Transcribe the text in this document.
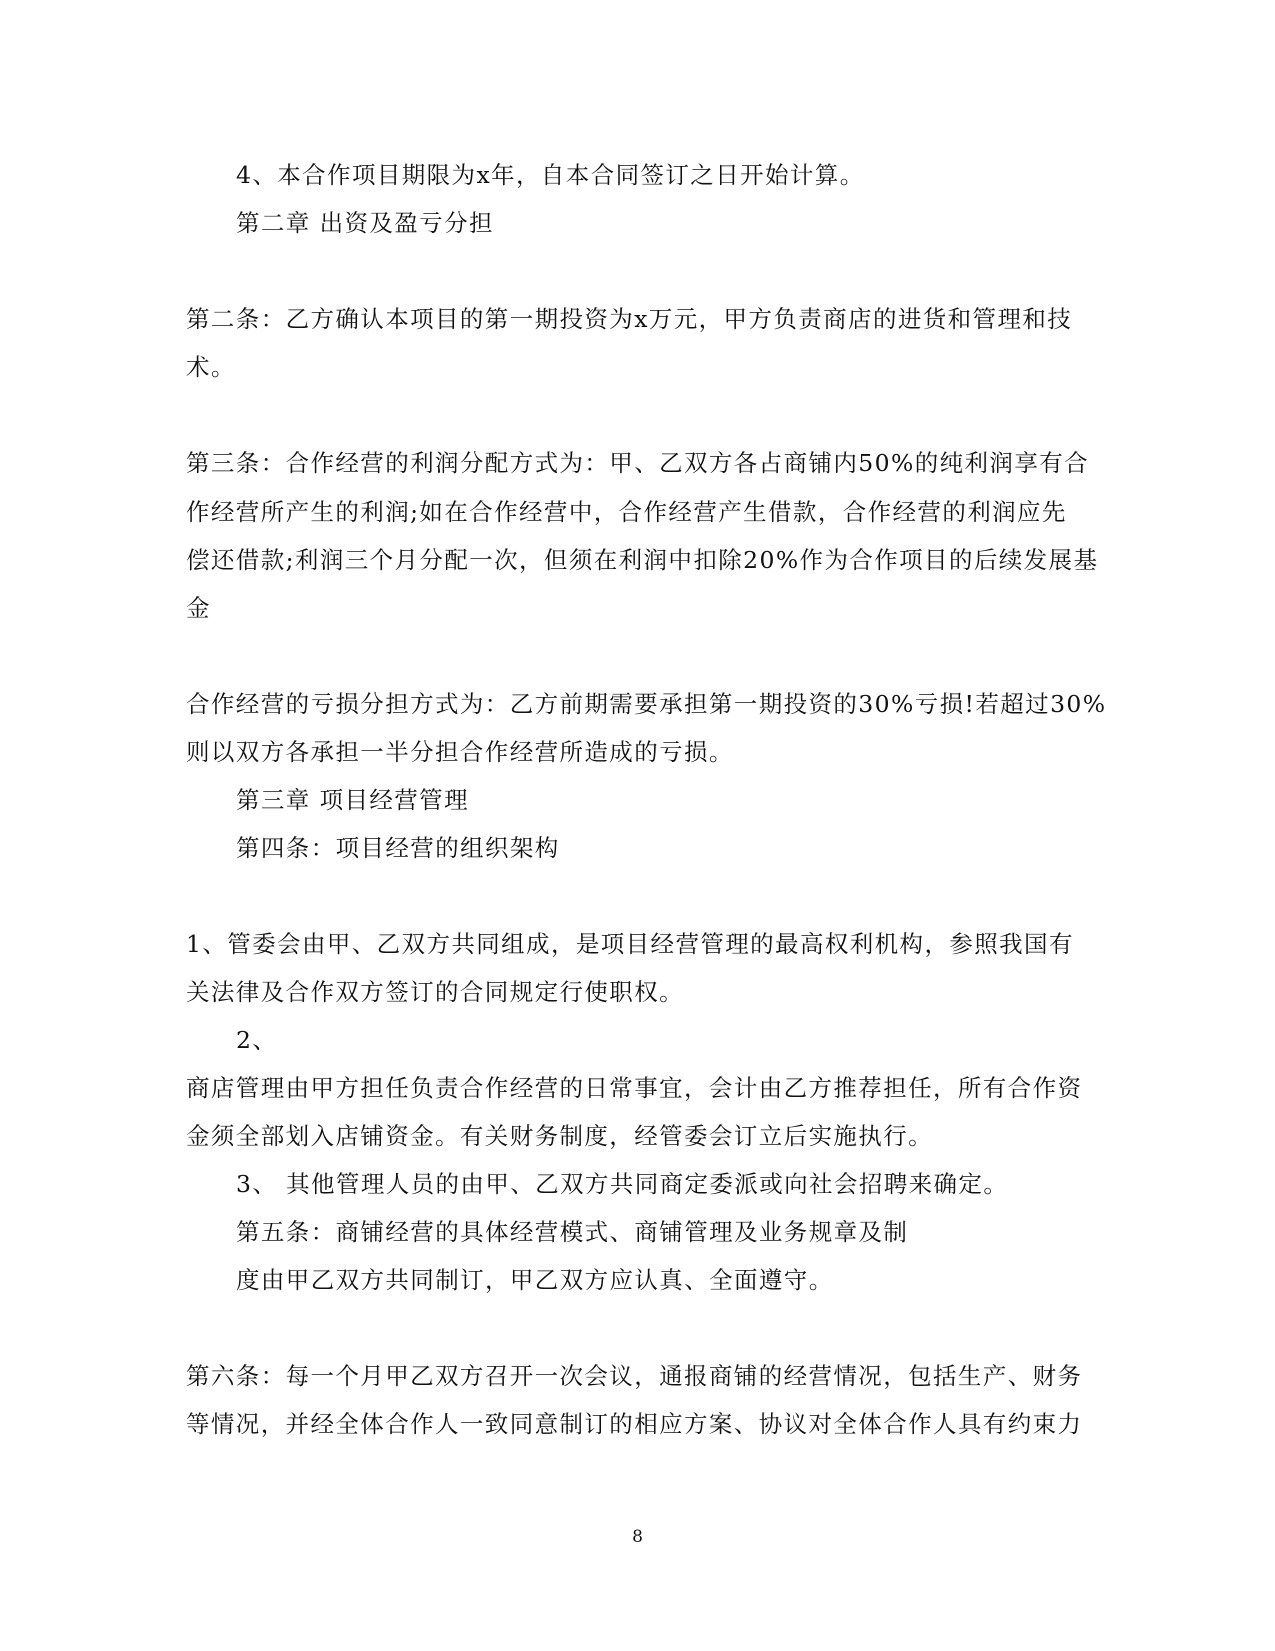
4、本合作项目期限为x年，自本合同签订之日开始计算。

第二章 出资及盈亏分担

第二条：乙方确认本项目的第一期投资为x万元，甲方负责商店的进货和管理和技

术。

第三条：合作经营的利润分配方式为：甲、乙双方各占商铺内50%的纯利润享有合

作经营所产生的利润;如在合作经营中，合作经营产生借款，合作经营的利润应先

偿还借款;利润三个月分配一次，但须在利润中扣除20%作为合作项目的后续发展基

金

合作经营的亏损分担方式为：乙方前期需要承担第一期投资的30%亏损!若超过30%

则以双方各承担一半分担合作经营所造成的亏损。

第三章 项目经营管理

第四条：项目经营的组织架构

1、管委会由甲、乙双方共同组成，是项目经营管理的最高权利机构，参照我国有

关法律及合作双方签订的合同规定行使职权。

2、

商店管理由甲方担任负责合作经营的日常事宜，会计由乙方推荐担任，所有合作资

金须全部划入店铺资金。有关财务制度，经管委会订立后实施执行。

3、 其他管理人员的由甲、乙双方共同商定委派或向社会招聘来确定。

第五条：商铺经营的具体经营模式、商铺管理及业务规章及制

度由甲乙双方共同制订，甲乙双方应认真、全面遵守。

第六条：每一个月甲乙双方召开一次会议，通报商铺的经营情况，包括生产、财务

等情况，并经全体合作人一致同意制订的相应方案、协议对全体合作人具有约束力

8
